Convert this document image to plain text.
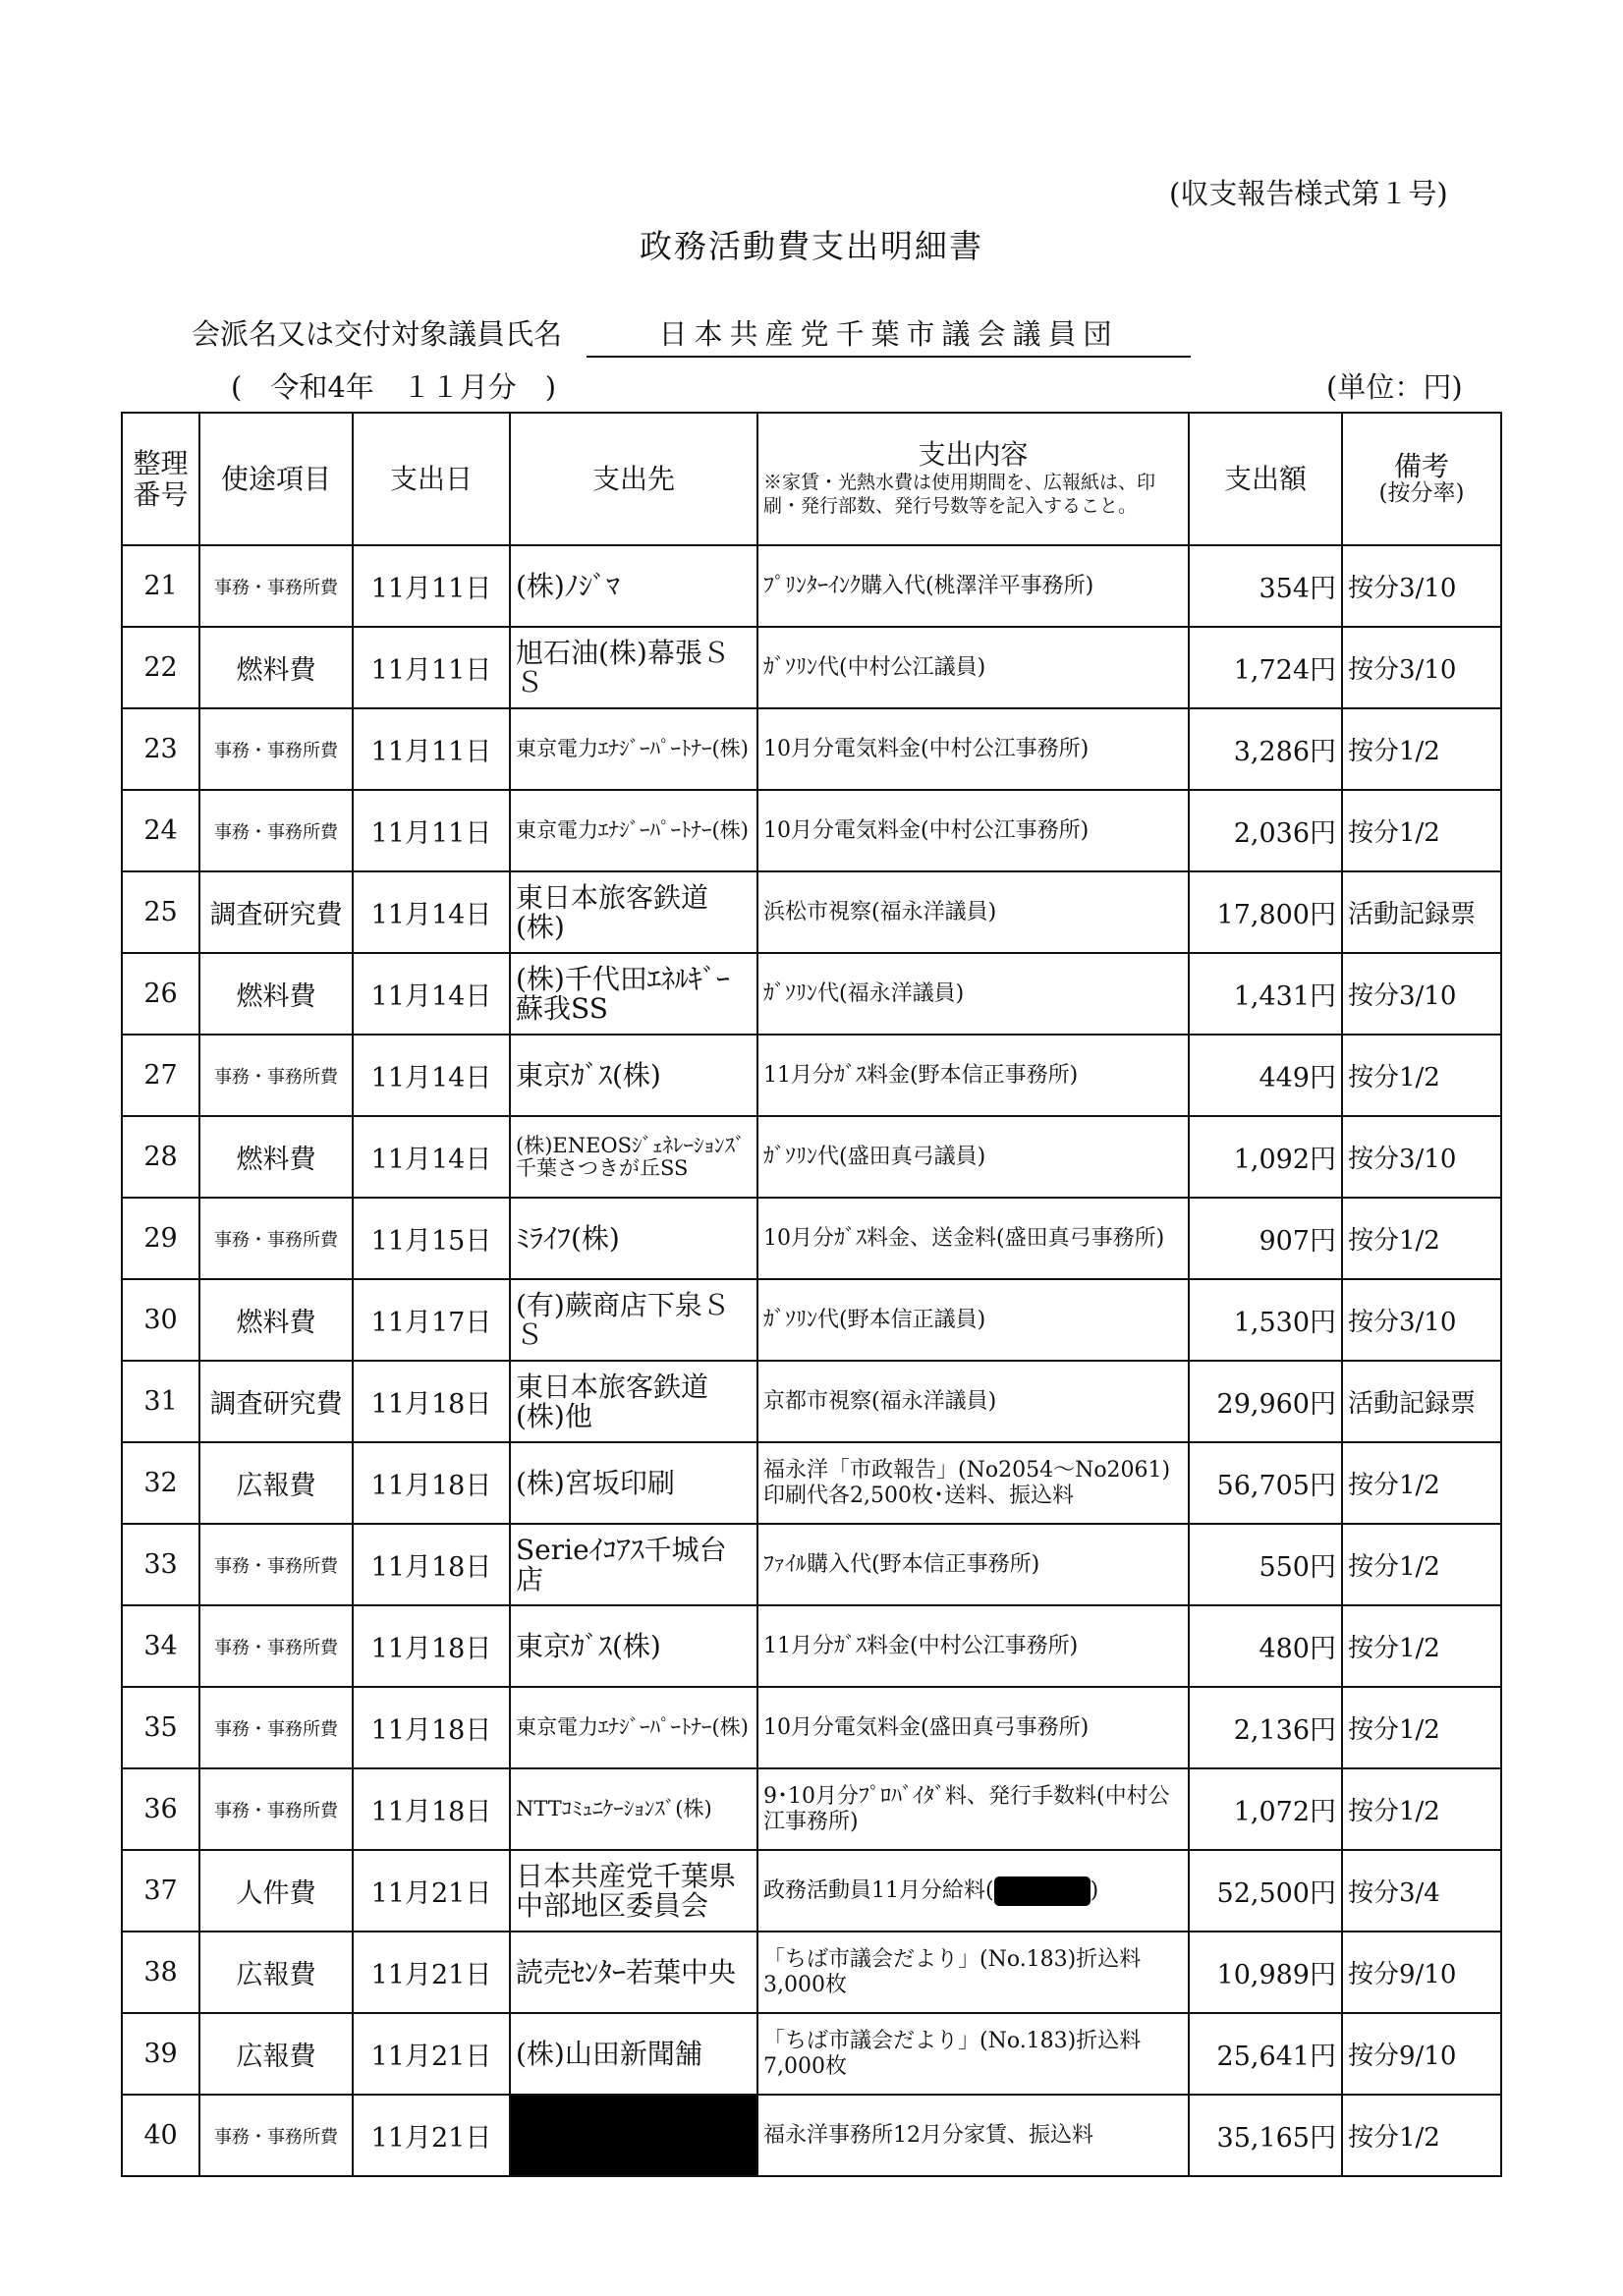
(収支報告様式第１号)
政務活動費支出明細書
会派名又は交付対象議員氏名	日本共産党千葉市議会議員団
(　令和4年　１１月分　)	(単位：円)
整理番号	使途項目	支出日	支出先	支出内容
※家賃・光熱水費は使用期間を、広報紙は、印刷・発行部数、発行号数等を記入すること。	支出額	備考
(按分率)

21	事務・事務所費	11月11日	(株)ﾉｼﾞﾏ	ﾌﾟﾘﾝﾀｰｲﾝｸ購入代(桃澤洋平事務所)	354円	按分3/10
22	燃料費	11月11日	旭石油(株)幕張ＳＳ	ｶﾞｿﾘﾝ代(中村公江議員)	1,724円	按分3/10
23	事務・事務所費	11月11日	東京電力ｴﾅｼﾞｰﾊﾟｰﾄﾅｰ(株)	10月分電気料金(中村公江事務所)	3,286円	按分1/2
24	事務・事務所費	11月11日	東京電力ｴﾅｼﾞｰﾊﾟｰﾄﾅｰ(株)	10月分電気料金(中村公江事務所)	2,036円	按分1/2
25	調査研究費	11月14日	東日本旅客鉄道(株)	浜松市視察(福永洋議員)	17,800円	活動記録票
26	燃料費	11月14日	(株)千代田ｴﾈﾙｷﾞｰ蘇我SS	ｶﾞｿﾘﾝ代(福永洋議員)	1,431円	按分3/10
27	事務・事務所費	11月14日	東京ｶﾞｽ(株)	11月分ｶﾞｽ料金(野本信正事務所)	449円	按分1/2
28	燃料費	11月14日	(株)ENEOSｼﾞｪﾈﾚｰｼｮﾝｽﾞ千葉さつきが丘SS	ｶﾞｿﾘﾝ代(盛田真弓議員)	1,092円	按分3/10
29	事務・事務所費	11月15日	ﾐﾗｲﾌ(株)	10月分ｶﾞｽ料金、送金料(盛田真弓事務所)	907円	按分1/2
30	燃料費	11月17日	(有)蕨商店下泉ＳＳ	ｶﾞｿﾘﾝ代(野本信正議員)	1,530円	按分3/10
31	調査研究費	11月18日	東日本旅客鉄道(株)他	京都市視察(福永洋議員)	29,960円	活動記録票
32	広報費	11月18日	(株)宮坂印刷	福永洋「市政報告」(No2054～No2061)印刷代各2,500枚･送料、振込料	56,705円	按分1/2
33	事務・事務所費	11月18日	Serieｲｺｱｽ千城台店	ﾌｧｲﾙ購入代(野本信正事務所)	550円	按分1/2
34	事務・事務所費	11月18日	東京ｶﾞｽ(株)	11月分ｶﾞｽ料金(中村公江事務所)	480円	按分1/2
35	事務・事務所費	11月18日	東京電力ｴﾅｼﾞｰﾊﾟｰﾄﾅｰ(株)	10月分電気料金(盛田真弓事務所)	2,136円	按分1/2
36	事務・事務所費	11月18日	NTTｺﾐｭﾆｹｰｼｮﾝｽﾞ(株)	9･10月分ﾌﾟﾛﾊﾞｲﾀﾞ料、発行手数料(中村公江事務所)	1,072円	按分1/2
37	人件費	11月21日	日本共産党千葉県中部地区委員会	政務活動員11月分給料( )	52,500円	按分3/4
38	広報費	11月21日	読売ｾﾝﾀｰ若葉中央	「ちば市議会だより」(No.183)折込料3,000枚	10,989円	按分9/10
39	広報費	11月21日	(株)山田新聞舗	「ちば市議会だより」(No.183)折込料7,000枚	25,641円	按分9/10
40	事務・事務所費	11月21日		福永洋事務所12月分家賃、振込料	35,165円	按分1/2
